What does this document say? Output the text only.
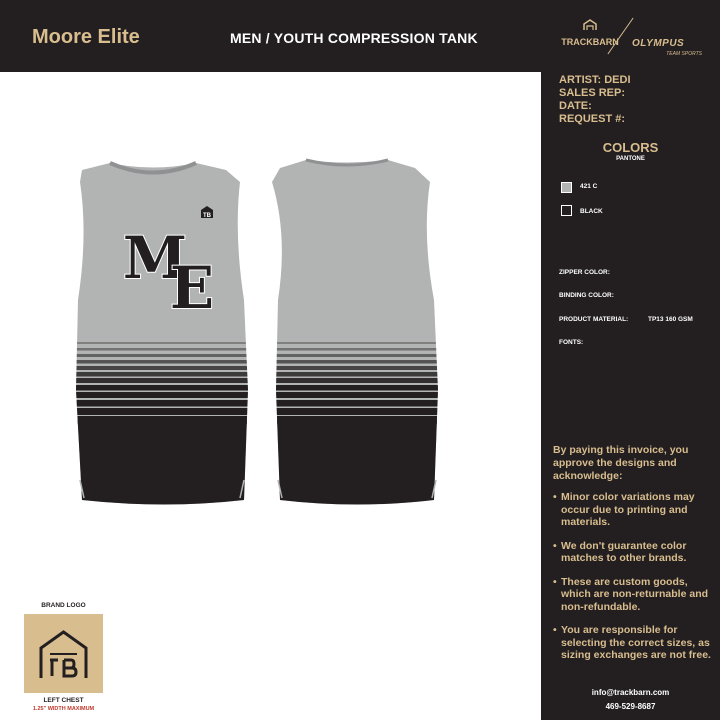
Moore Elite	MEN / YOUTH COMPRESSION TANK	TRACKBARN OLYMPUS
TEAM SPORTS
TB
M
E
BRAND LOGO
LEFT CHEST
1.25" WIDTH MAXIMUM
ARTIST: DEDI
SALES REP:
DATE:
REQUEST #:
COLORS
PANTONE
421 C
BLACK
ZIPPER COLOR:
BINDING COLOR:
PRODUCT MATERIAL:	TP13 160 GSM
FONTS:
By paying this invoice, you approve the designs and acknowledge:
• Minor color variations may occur due to printing and materials.
• We don't guarantee color matches to other brands.
• These are custom goods, which are non-returnable and non-refundable.
• You are responsible for selecting the correct sizes, as sizing exchanges are not free.
info@trackbarn.com
469-529-8687
